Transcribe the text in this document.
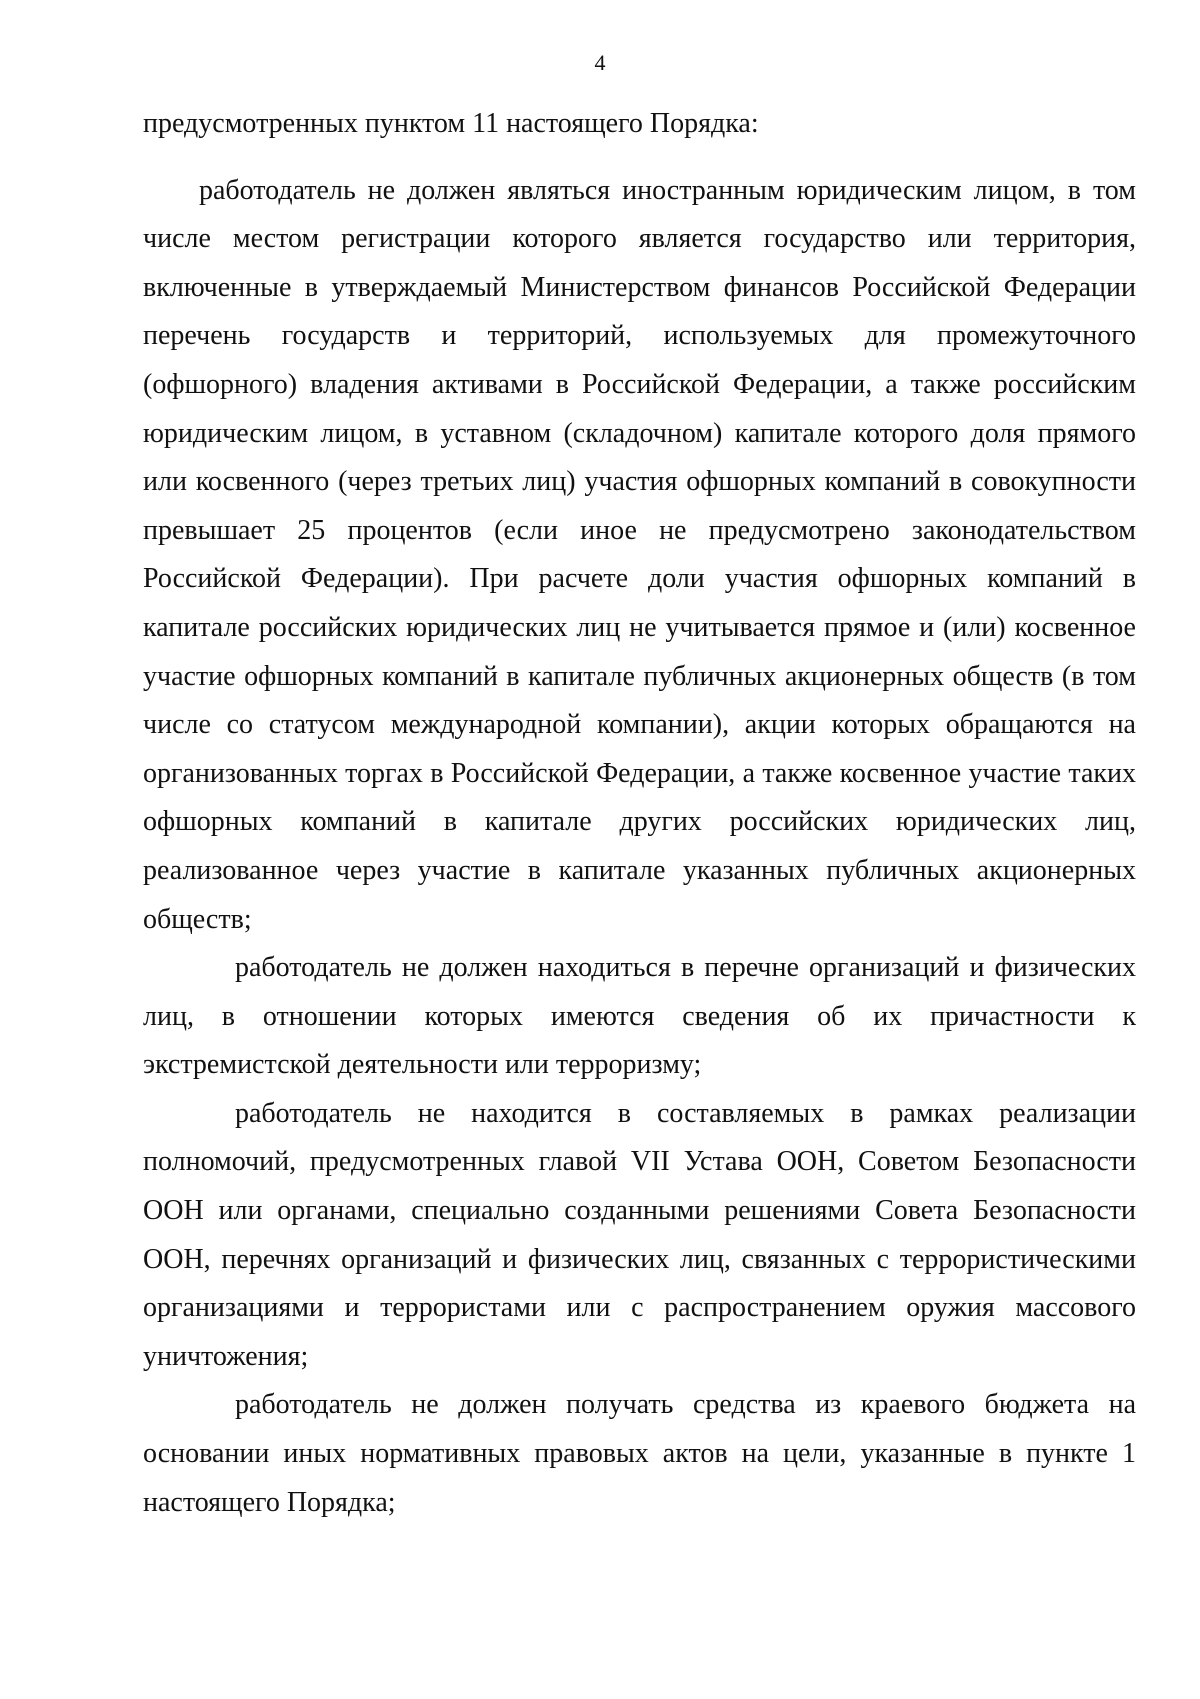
4

предусмотренных пунктом 11 настоящего Порядка:

работодатель не должен являться иностранным юридическим лицом, в том числе местом регистрации которого является государство или территория, включенные в утверждаемый Министерством финансов Российской Федерации перечень государств и территорий, используемых для промежуточного (офшорного) владения активами в Российской Федерации, а также российским юридическим лицом, в уставном (складочном) капитале которого доля прямого или косвенного (через третьих лиц) участия офшорных компаний в совокупности превышает 25 процентов (если иное не предусмотрено законодательством Российской Федерации). При расчете доли участия офшорных компаний в капитале российских юридических лиц не учитывается прямое и (или) косвенное участие офшорных компаний в капитале публичных акционерных обществ (в том числе со статусом международной компании), акции которых обращаются на организованных торгах в Российской Федерации, а также косвенное участие таких офшорных компаний в капитале других российских юридических лиц, реализованное через участие в капитале указанных публичных акционерных обществ;

работодатель не должен находиться в перечне организаций и физических лиц, в отношении которых имеются сведения об их причастности к экстремистской деятельности или терроризму;

работодатель не находится в составляемых в рамках реализации полномочий, предусмотренных главой VII Устава ООН, Советом Безопасности ООН или органами, специально созданными решениями Совета Безопасности ООН, перечнях организаций и физических лиц, связанных с террористическими организациями и террористами или с распространением оружия массового уничтожения;

работодатель не должен получать средства из краевого бюджета на основании иных нормативных правовых актов на цели, указанные в пункте 1 настоящего Порядка;
